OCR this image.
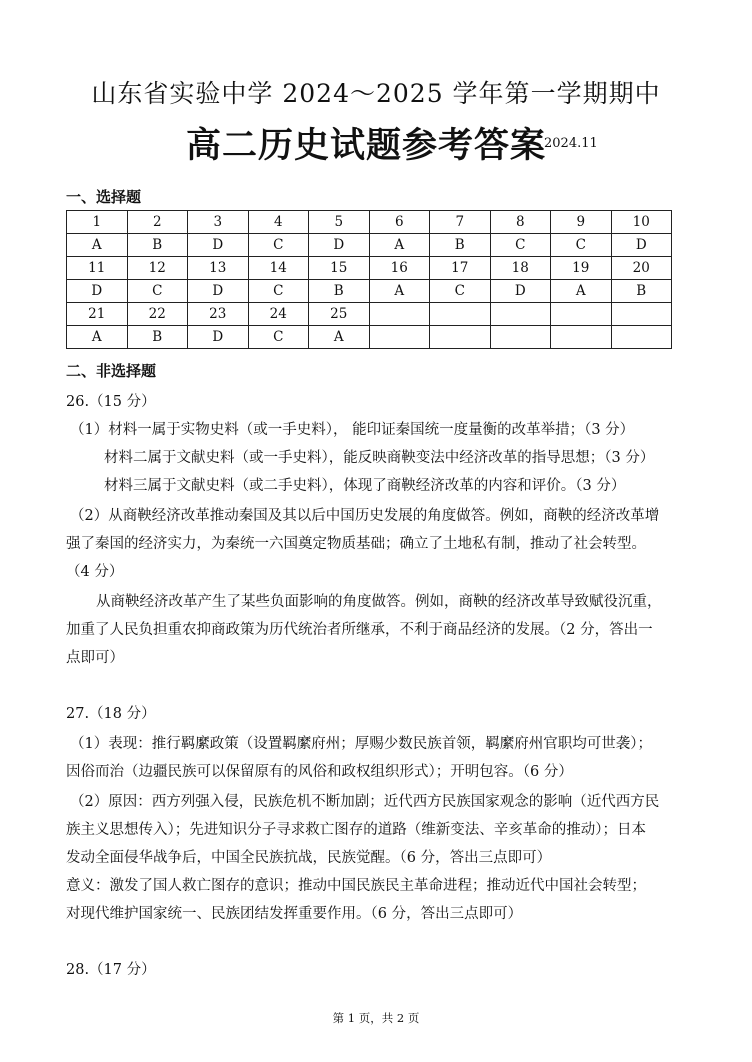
山东省实验中学 2024～2025 学年第一学期期中
高二历史试题参考答案
2024.11
一、选择题
1	2	3	4	5	6	7	8	9	10
A	B	D	C	D	A	B	C	C	D
11	12	13	14	15	16	17	18	19	20
D	C	D	C	B	A	C	D	A	B
21	22	23	24	25					
A	B	D	C	A					
二、非选择题
26.（15 分）
（1）材料一属于实物史料（或一手史料）， 能印证秦国统一度量衡的改革举措；（3 分）
材料二属于文献史料（或一手史料），能反映商鞅变法中经济改革的指导思想；（3 分）
材料三属于文献史料（或二手史料），体现了商鞅经济改革的内容和评价。（3 分）
（2）从商鞅经济改革推动秦国及其以后中国历史发展的角度做答。例如，商鞅的经济改革增
强了秦国的经济实力，为秦统一六国奠定物质基础；确立了土地私有制，推动了社会转型。
（4 分）
从商鞅经济改革产生了某些负面影响的角度做答。例如，商鞅的经济改革导致赋役沉重，
加重了人民负担重农抑商政策为历代统治者所继承，不利于商品经济的发展。（2 分，答出一
点即可）
27.（18 分）
（1）表现：推行羁縻政策（设置羁縻府州；厚赐少数民族首领，羁縻府州官职均可世袭）；
因俗而治（边疆民族可以保留原有的风俗和政权组织形式）；开明包容。（6 分）
（2）原因：西方列强入侵，民族危机不断加剧；近代西方民族国家观念的影响（近代西方民
族主义思想传入）；先进知识分子寻求救亡图存的道路（维新变法、辛亥革命的推动）；日本
发动全面侵华战争后，中国全民族抗战，民族觉醒。（6 分，答出三点即可）
意义：激发了国人救亡图存的意识；推动中国民族民主革命进程；推动近代中国社会转型；
对现代维护国家统一、民族团结发挥重要作用。（6 分，答出三点即可）
28.（17 分）
第 1 页，共 2 页
